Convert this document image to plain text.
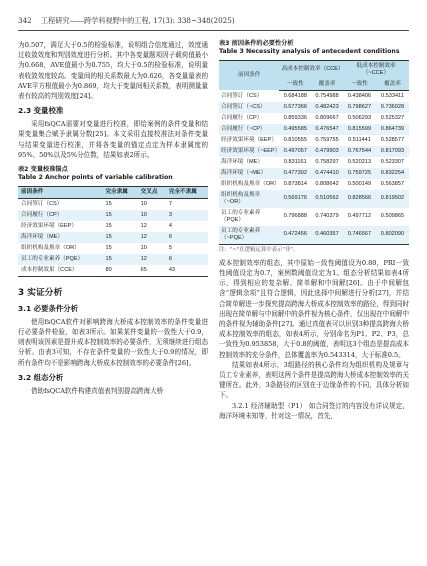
342 工程研究——跨学科视野中的工程, 17(3): 338~348(2025)

为0.507，满足大于0.5的检验标准，说明组合信度通过，效度通过收敛效度和判别效度进行分析。其中各变量题项因子载荷值最小为0.668，AVE值最小为0.755，均大于0.5的检验标准，说明量表收敛效度较高。变量间的相关系数最大为0.626，各变量量表的AVE平方根值最小为0.869，均大于变量间相关系数，表明测量量表有较高的判别效度[24]。

2.3 变量校准

采用fsQCA需要对变量进行校准，即给案例的条件变量和结果变量集合赋予隶属分数[25]。本文采用直接校准法对条件变量与结果变量进行校准，并将各变量的锚定点定为样本隶属度的95%、50%以及5%分位数，结果如表2所示。

表2 变量校准锚点
Table 2 Anchor points of variable calibration
前因条件	完全隶属	交叉点	完全不隶属
合同签订（CS）	15	10	7
合同履行（CP）	15	10	3
经济效果环境（EEP）	15	12	4
海洋环境（ME）	15	12	6
组织机构及规章（OR）	15	10	5
员工的专业素养（PQE）	15	12	6
成本控制效果（CCE）	80	65	43
3 实证分析
3.1 必要条件分析

使用fsQCA软件对影响跨海大桥成本控制效率的条件变量进行必要条件检验，如表3所示。如果某件变量的一致性大于0.9，则表明该因素是提升成本控制效率的必要条件，无须继续进行组态分析。由表3可知，不存在条件变量的一致性大于0.9的情况，即所有条件均不是影响跨海大桥成本控制效率的必要条件[26]。

3.2 组态分析

借助fsQCA软件构建真值表判别提高跨海大桥

表3 前因条件的必要性分析
Table 3 Necessity analysis of antecedent conditions
前因条件	高成本控制效率（CCE）		低成本控制效率（~CCE）	
	一致性	覆盖率	一致性	覆盖率
合同签订（CS）	0.684188	0.754988	0.438406	0.533411
合同签订（~CS）	0.577366	0.482423	0.798627	0.736028
合同履行（CP）	0.859336	0.809667	0.506293	0.525327
合同履行（~CP）	0.495585	0.476547	0.815599	0.864739
经济效果环境（EEP）	0.810555	0.759755	0.511441	0.528577
经济效果环境（~EEP）	0.497057	0.479903	0.767544	0.817093
海洋环境（ME）	0.831161	0.758297	0.520213	0.523307
海洋环境（~ME）	0.477302	0.474410	0.759725	0.832254
组织机构及规章（OR）	0.873814	0.808642	0.500149	0.563857
组织机构及规章（~OR）	0.569176	0.510562	0.828566	0.819502
员工的专业素养（PQE）	0.796888	0.740379	0.497712	0.509865
员工的专业素养（~PQE）	0.472456	0.460357	0.746567	0.802090
注："~"在逻辑运算中表示"非"。

成本控制效率的组态，其中原始一致性阈值设为0.80，PRI一致性阈值设定为0.7，案例数阈值设定为1。组态分析结果如表4所示，得到相应的复杂解、简单解和中间解[26]。由于中间解包含“逻辑余项”且符合逻辑，因此选择中间解进行分析[27]，并结合简单解进一步探究提高跨海大桥成本控制效率的路径，得到同时出现在简单解与中间解中的条件视为核心条件，仅出现在中间解中的条件视为辅助条件[27]。通过真值表可以识别3种提高跨海大桥成本控制效率的组态，如表4所示，分别命名为P1、P2、P3，总一致性为0.953858，大于0.8的阈值，表明这3个组态是提高成本控制效率的充分条件，总体覆盖率为0.543314，大于标准0.5。

结果如表4所示，3组路径的核心条件均为组织机构及规章与员工专业素养，表明这两个条件是提高跨海大桥成本控制效率的关键所在。此外，3条路径的区别在于边缘条件的不同，具体分析如下。

3.2.1 经济辅助型（P1） 如合同签订的内容没有详议规定，海洋环境未知等，针对这一情况，首先，
